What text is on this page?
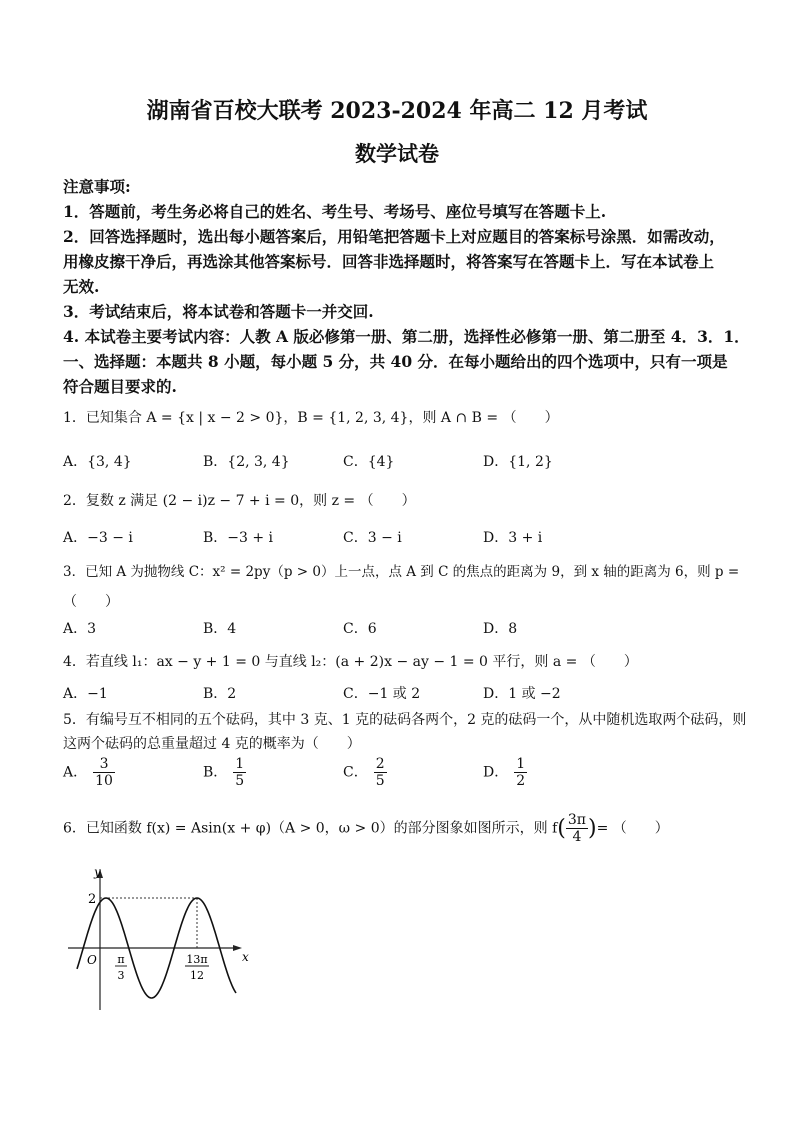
湖南省百校大联考 2023-2024 年高二 12 月考试
数学试卷
注意事项:
1．答题前，考生务必将自己的姓名、考生号、考场号、座位号填写在答题卡上.
2．回答选择题时，选出每小题答案后，用铅笔把答题卡上对应题目的答案标号涂黑．如需改动，
用橡皮擦干净后，再选涂其他答案标号．回答非选择题时，将答案写在答题卡上．写在本试卷上
无效.
3．考试结束后，将本试卷和答题卡一并交回.
4. 本试卷主要考试内容：人教 A 版必修第一册、第二册，选择性必修第一册、第二册至 4．3．1．
一、选择题：本题共 8 小题，每小题 5 分，共 40 分．在每小题给出的四个选项中，只有一项是
符合题目要求的.
1．已知集合 A = {x | x − 2 > 0}，B = {1, 2, 3, 4}，则 A ∩ B = （　　）
A．{3, 4}	B．{2, 3, 4}	C．{4}	D．{1, 2}
2．复数 z 满足 (2 − i)z − 7 + i = 0，则 z = （　　）
A．−3 − i	B．−3 + i	C．3 − i	D．3 + i
3．已知 A 为抛物线 C：x² = 2py（p > 0）上一点，点 A 到 C 的焦点的距离为 9，到 x 轴的距离为 6，则 p =
（　　）
A．3	B．4	C．6	D．8
4．若直线 l₁：ax − y + 1 = 0 与直线 l₂：(a + 2)x − ay − 1 = 0 平行，则 a = （　　）
A．−1	B．2	C．−1 或 2	D．1 或 −2
5．有编号互不相同的五个砝码，其中 3 克、1 克的砝码各两个，2 克的砝码一个，从中随机选取两个砝码，则
这两个砝码的总重量超过 4 克的概率为（　　）
A． $\frac{3}{10}$	B． $\frac{1}{5}$	C． $\frac{2}{5}$	D． $\frac{1}{2}$
6．已知函数 f(x) = Asin(x + φ)（A > 0，ω > 0）的部分图象如图所示，则 $f( \frac{3\pi}{4}$ )= （　　）
y
x
O
2
π
3
13π
12
